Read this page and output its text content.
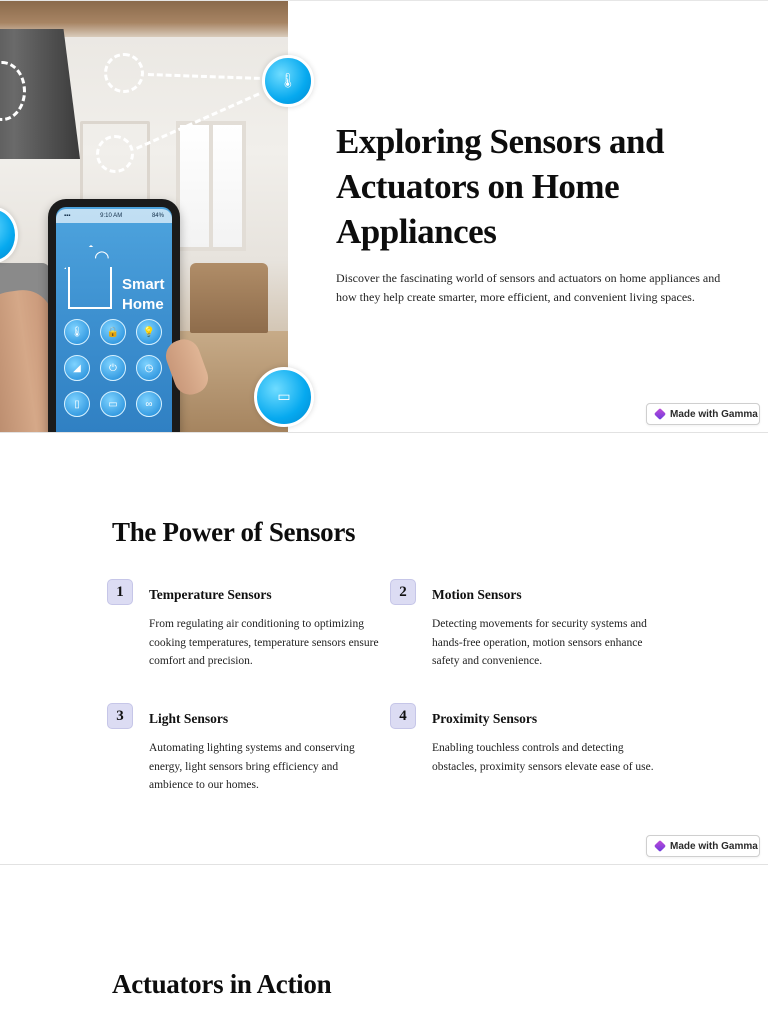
🌡
▭
▪▪▪	9:10 AM	84%
◠
Smart
Home
🌡	🔒	💡
◢	⏻	◷
▯	▭	∞
Exploring Sensors and Actuators on Home Appliances

Discover the fascinating world of sensors and actuators on home appliances and how they help create smarter, more efficient, and convenient living spaces.

Made with Gamma
The Power of Sensors
1	Temperature Sensors
From regulating air conditioning to optimizing cooking temperatures, temperature sensors ensure comfort and precision.
2	Motion Sensors
Detecting movements for security systems and hands-free operation, motion sensors enhance safety and convenience.
3	Light Sensors
Automating lighting systems and conserving energy, light sensors bring efficiency and ambience to our homes.
4	Proximity Sensors
Enabling touchless controls and detecting obstacles, proximity sensors elevate ease of use.
Made with Gamma
Actuators in Action
